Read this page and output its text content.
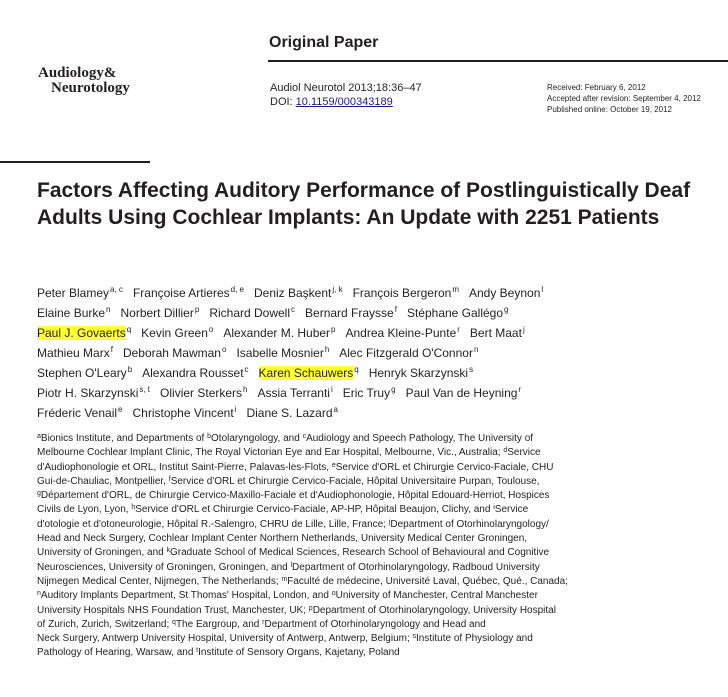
Audiology&
Neurotology
Original Paper
Audiol Neurotol 2013;18:36–47
DOI: 10.1159/000343189
Received: February 6, 2012
Accepted after revision: September 4, 2012
Published online: October 19, 2012
Factors Affecting Auditory Performance of Postlinguistically Deaf Adults Using Cochlear Implants: An Update with 2251 Patients
Peter Blamey$^{a, c}$ Françoise Artieres$^{d, e}$ Deniz Başkent$^{j, k}$ François Bergeron$^m$ Andy Beynon$^l$
Elaine Burke$^n$ Norbert Dillier$^p$ Richard Dowell$^c$ Bernard Fraysse$^f$ Stéphane Gallégo$^g$
Paul J. Govaerts$^q$ Kevin Green$^o$ Alexander M. Huber$^p$ Andrea Kleine-Punte$^r$ Bert Maat$^j$
Mathieu Marx$^f$ Deborah Mawman$^o$ Isabelle Mosnier$^h$ Alec Fitzgerald O'Connor$^n$
Stephen O'Leary$^b$ Alexandra Rousset$^c$ Karen Schauwers$^q$ Henryk Skarzynski$^s$
Piotr H. Skarzynski$^{s, t}$ Olivier Sterkers$^h$ Assia Terranti$^i$ Eric Truy$^g$ Paul Van de Heyning$^r$
Fréderic Venail$^e$ Christophe Vincent$^i$ Diane S. Lazard$^a$
$^a$Bionics Institute, and Departments of $^b$Otolaryngology, and $^c$Audiology and Speech Pathology, The University of
Melbourne Cochlear Implant Clinic, The Royal Victorian Eye and Ear Hospital, Melbourne, Vic., Australia; $^d$Service
d'Audiophonologie et ORL, Institut Saint-Pierre, Palavas-les-Flots, $^e$Service d'ORL et Chirurgie Cervico-Faciale, CHU
Gui-de-Chauliac, Montpellier, $^f$Service d'ORL et Chirurgie Cervico-Faciale, Hôpital Universitaire Purpan, Toulouse,
$^g$Département d'ORL, de Chirurgie Cervico-Maxillo-Faciale et d'Audiophonologie, Hôpital Edouard-Herriot, Hospices
Civils de Lyon, Lyon, $^h$Service d'ORL et Chirurgie Cervico-Faciale, AP-HP, Hôpital Beaujon, Clichy, and $^i$Service
d'otologie et d'otoneurologie, Hôpital R.-Salengro, CHRU de Lille, Lille, France; $^j$Department of Otorhinolaryngology/
Head and Neck Surgery, Cochlear Implant Center Northern Netherlands, University Medical Center Groningen,
University of Groningen, and $^k$Graduate School of Medical Sciences, Research School of Behavioural and Cognitive
Neurosciences, University of Groningen, Groningen, and $^l$Department of Otorhinolaryngology, Radboud University
Nijmegen Medical Center, Nijmegen, The Netherlands; $^m$Faculté de médecine, Université Laval, Québec, Qué., Canada;
$^n$Auditory Implants Department, St Thomas' Hospital, London, and $^o$University of Manchester, Central Manchester
University Hospitals NHS Foundation Trust, Manchester, UK; $^p$Department of Otorhinolaryngology, University Hospital
of Zurich, Zurich, Switzerland; $^q$The Eargroup, and $^r$Department of Otorhinolaryngology and Head and
Neck Surgery, Antwerp University Hospital, University of Antwerp, Antwerp, Belgium; $^s$Institute of Physiology and
Pathology of Hearing, Warsaw, and $^t$Institute of Sensory Organs, Kajetany, Poland
